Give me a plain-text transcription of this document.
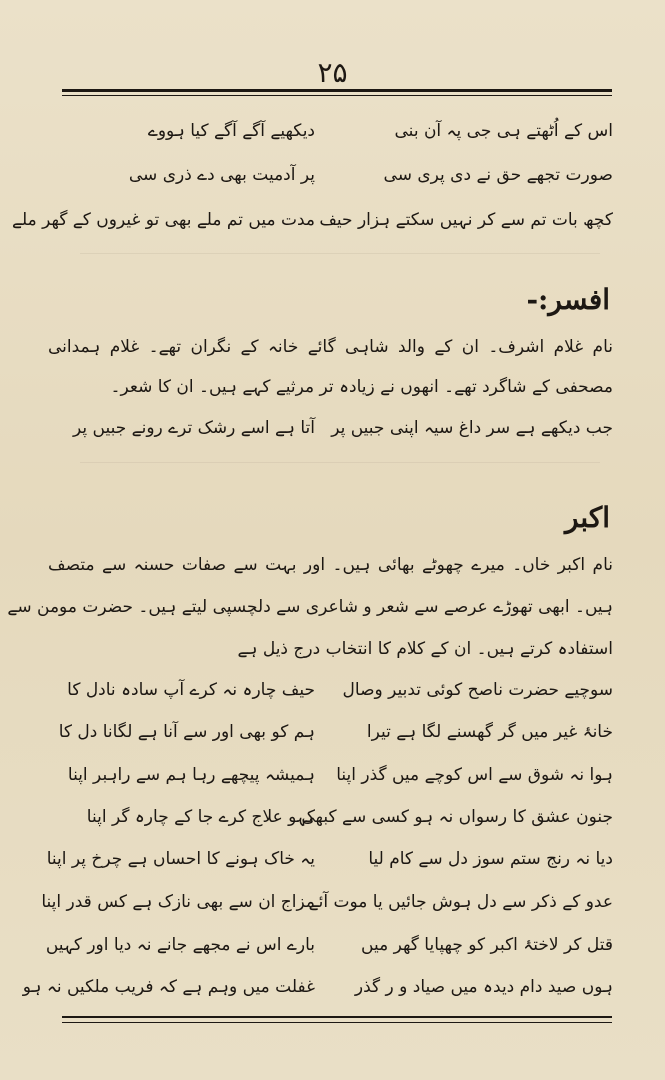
۲۵
اس کے اُٹھتے ہی جی پہ آن بنی
صورت تجھے حق نے دی پری سی
کچھ بات تم سے کر نہیں سکتے ہزار حیف
دیکھیے آگے آگے کیا ہووے
پر آدمیت بھی دے ذری سی
مدت میں تم ملے بھی تو غیروں کے گھر ملے
افسر:-
نام غلام اشرف۔ ان کے والد شاہی گائے خانہ کے نگران تھے۔ غلام ہمدانی
مصحفی کے شاگرد تھے۔ انھوں نے زیادہ تر مرثیے کہے ہیں۔ ان کا شعر۔
جب دیکھے ہے سر داغ سیہ اپنی جبیں پر
آتا ہے اسے رشک ترے رونے جبیں پر
اکبر
نام اکبر خاں۔ میرے چھوٹے بھائی ہیں۔ اور بہت سے صفات حسنہ سے متصف
ہیں۔ ابھی تھوڑے عرصے سے شعر و شاعری سے دلچسپی لیتے ہیں۔ حضرت مومن سے
استفادہ کرتے ہیں۔ ان کے کلام کا انتخاب درج ذیل ہے
سوچیے حضرت ناصح کوئی تدبیر وصال
خانۂ غیر میں گر گھسنے لگا ہے تیرا
ہوا نہ شوق سے اس کوچے میں گذر اپنا
جنون عشق کا رسواں نہ ہو کسی سے کبھی
دیا نہ رنج ستم سوز دل سے کام لیا
عدو کے ذکر سے دل ہوش جائیں یا موت آئے
قتل کر لاختۂ اکبر کو چھپایا گھر میں
ہوں صید دام دیدہ میں صیاد و ر گذر
حیف چارہ نہ کرے آپ سادہ نادل کا
ہم کو بھی اور سے آنا ہے لگانا دل کا
ہمیشہ پیچھے رہا ہم سے راہبر اپنا
کہو علاج کرے جا کے چارہ گر اپنا
یہ خاک ہونے کا احساں ہے چرخ پر اپنا
مزاج ان سے بھی نازک ہے کس قدر اپنا
بارے اس نے مجھے جانے نہ دیا اور کہیں
غفلت میں وہم ہے کہ فریب ملکیں نہ ہو
